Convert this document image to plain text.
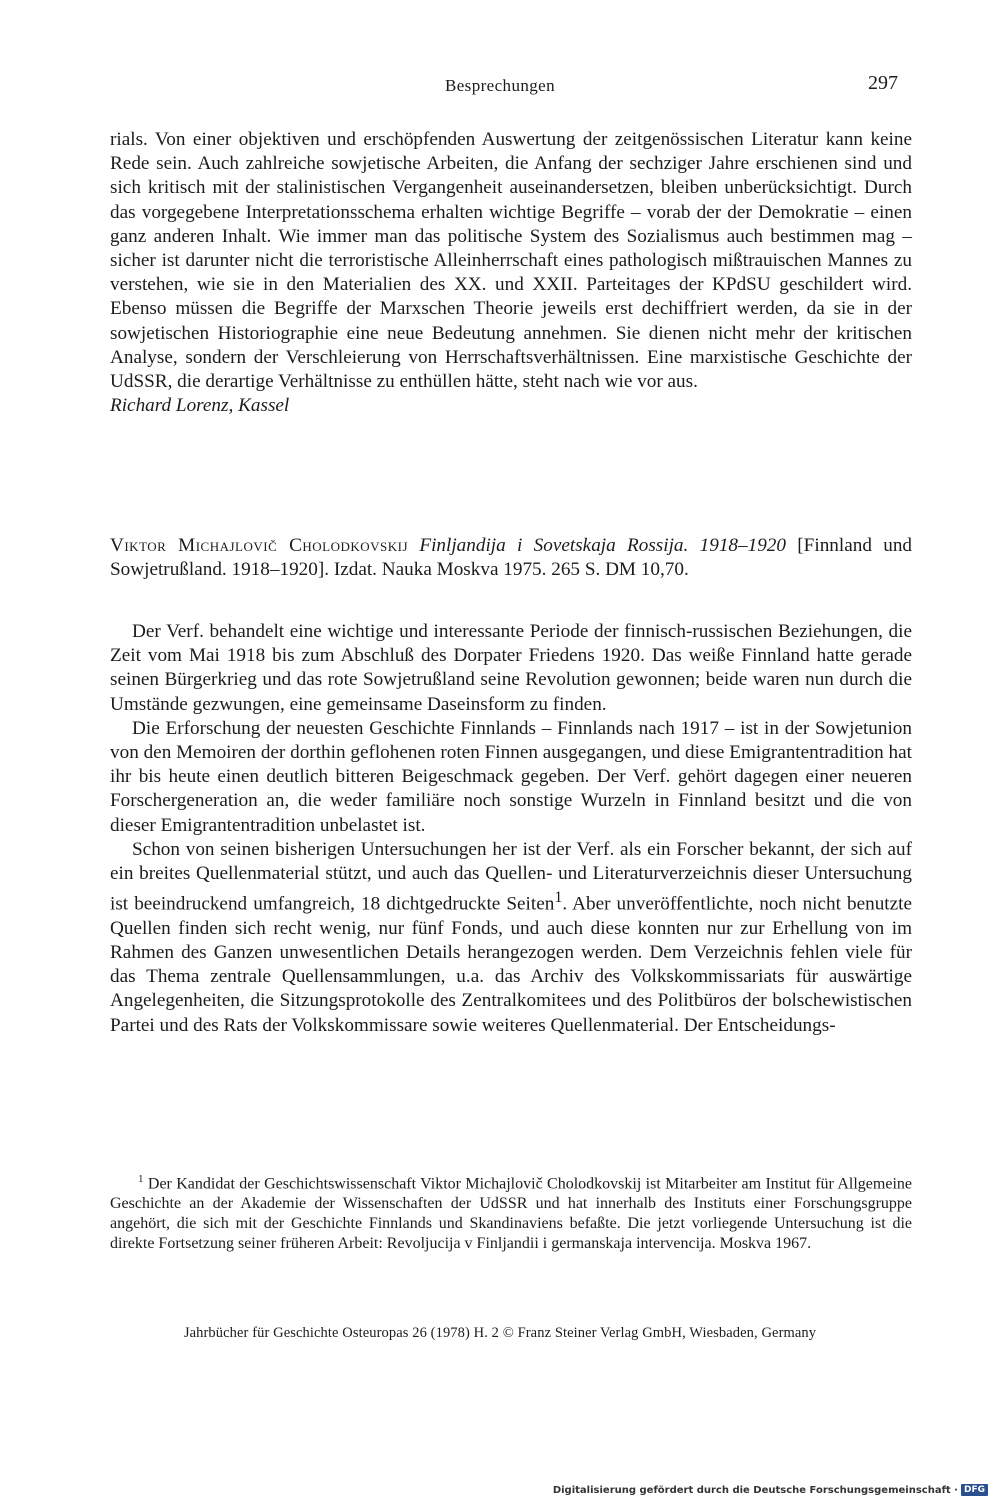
Besprechungen	297

rials. Von einer objektiven und erschöpfenden Auswertung der zeitgenössischen Literatur kann keine Rede sein. Auch zahlreiche sowjetische Arbeiten, die Anfang der sechziger Jahre erschienen sind und sich kritisch mit der stalinistischen Vergangenheit auseinandersetzen, bleiben unberücksichtigt. Durch das vorgegebene Interpretationsschema erhalten wichtige Begriffe – vorab der der Demokratie – einen ganz anderen Inhalt. Wie immer man das politische System des Sozialismus auch bestimmen mag – sicher ist darunter nicht die terroristische Alleinherrschaft eines pathologisch mißtrauischen Mannes zu verstehen, wie sie in den Materialien des XX. und XXII. Parteitages der KPdSU geschildert wird. Ebenso müssen die Begriffe der Marxschen Theorie jeweils erst dechiffriert werden, da sie in der sowjetischen Historiographie eine neue Bedeutung annehmen. Sie dienen nicht mehr der kritischen Analyse, sondern der Verschleierung von Herrschaftsverhältnissen. Eine marxistische Geschichte der UdSSR, die derartige Verhältnisse zu enthüllen hätte, steht nach wie vor aus.

Richard Lorenz, Kassel

Viktor Michajlovič Cholodkovskij Finljandija i Sovetskaja Rossija. 1918–1920 [Finnland und Sowjetrußland. 1918–1920]. Izdat. Nauka Moskva 1975. 265 S. DM 10,70.

Der Verf. behandelt eine wichtige und interessante Periode der finnisch-russischen Beziehungen, die Zeit vom Mai 1918 bis zum Abschluß des Dorpater Friedens 1920. Das weiße Finnland hatte gerade seinen Bürgerkrieg und das rote Sowjetrußland seine Revolution gewonnen; beide waren nun durch die Umstände gezwungen, eine gemeinsame Daseinsform zu finden.

Die Erforschung der neuesten Geschichte Finnlands – Finnlands nach 1917 – ist in der Sowjetunion von den Memoiren der dorthin geflohenen roten Finnen ausgegangen, und diese Emigrantentradition hat ihr bis heute einen deutlich bitteren Beigeschmack gegeben. Der Verf. gehört dagegen einer neueren Forschergeneration an, die weder familiäre noch sonstige Wurzeln in Finnland besitzt und die von dieser Emigrantentradition unbelastet ist.

Schon von seinen bisherigen Untersuchungen her ist der Verf. als ein Forscher bekannt, der sich auf ein breites Quellenmaterial stützt, und auch das Quellen- und Literaturverzeichnis dieser Untersuchung ist beeindruckend umfangreich, 18 dichtgedruckte Seiten$^1$. Aber unveröffentlichte, noch nicht benutzte Quellen finden sich recht wenig, nur fünf Fonds, und auch diese konnten nur zur Erhellung von im Rahmen des Ganzen unwesentlichen Details herangezogen werden. Dem Verzeichnis fehlen viele für das Thema zentrale Quellensammlungen, u.a. das Archiv des Volkskommissariats für auswärtige Angelegenheiten, die Sitzungsprotokolle des Zentralkomitees und des Politbüros der bolschewistischen Partei und des Rats der Volkskommissare sowie weiteres Quellenmaterial. Der Entscheidungs-

$^1$ Der Kandidat der Geschichtswissenschaft Viktor Michajlovič Cholodkovskij ist Mitarbeiter am Institut für Allgemeine Geschichte an der Akademie der Wissenschaften der UdSSR und hat innerhalb des Instituts einer Forschungsgruppe angehört, die sich mit der Geschichte Finnlands und Skandinaviens befaßte. Die jetzt vorliegende Untersuchung ist die direkte Fortsetzung seiner früheren Arbeit: Revoljucija v Finljandii i germanskaja intervencija. Moskva 1967.

Jahrbücher für Geschichte Osteuropas 26 (1978) H. 2 © Franz Steiner Verlag GmbH, Wiesbaden, Germany
Digitalisierung gefördert durch die Deutsche Forschungsgemeinschaft · DFG
